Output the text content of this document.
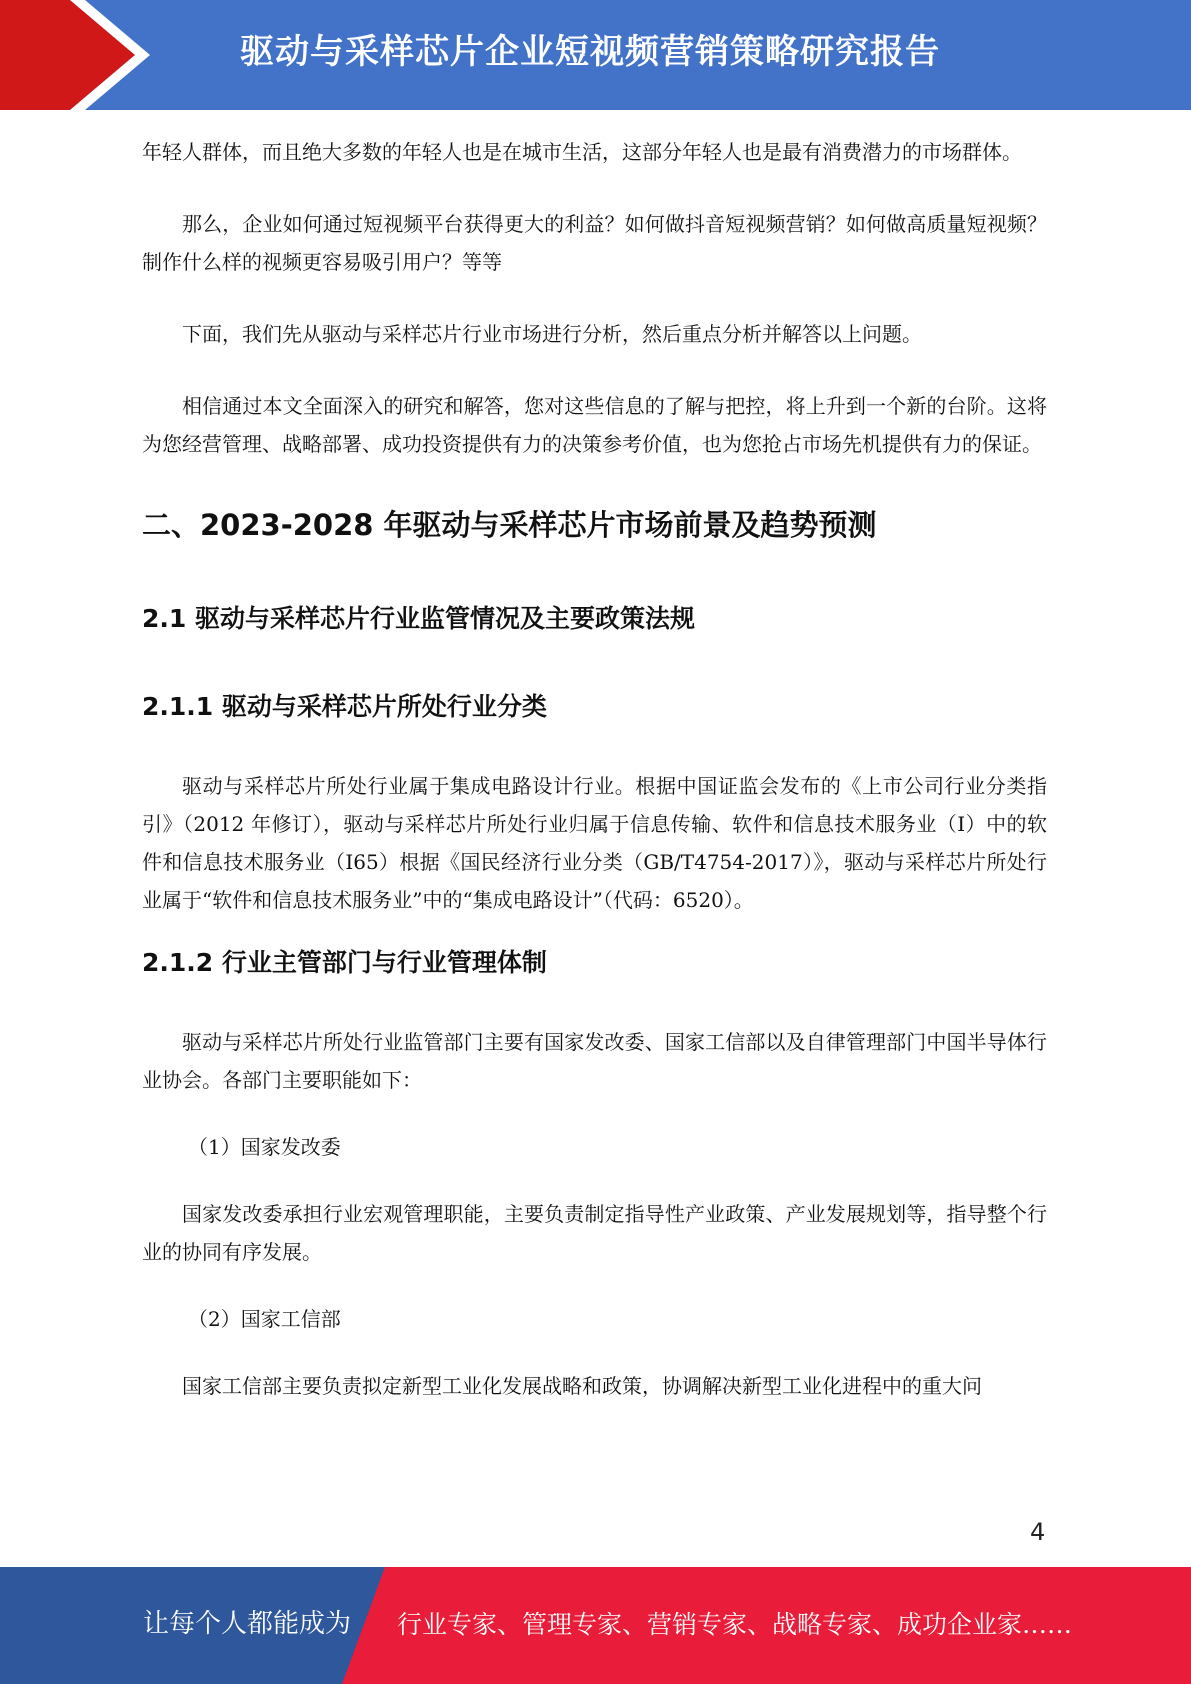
驱动与采样芯片企业短视频营销策略研究报告

年轻人群体，而且绝大多数的年轻人也是在城市生活，这部分年轻人也是最有消费潜力的市场群体。

那么，企业如何通过短视频平台获得更大的利益？如何做抖音短视频营销？如何做高质量短视频？制作什么样的视频更容易吸引用户？等等

下面，我们先从驱动与采样芯片行业市场进行分析，然后重点分析并解答以上问题。

相信通过本文全面深入的研究和解答，您对这些信息的了解与把控，将上升到一个新的台阶。这将为您经营管理、战略部署、成功投资提供有力的决策参考价值，也为您抢占市场先机提供有力的保证。

二、2023-2028 年驱动与采样芯片市场前景及趋势预测
2.1 驱动与采样芯片行业监管情况及主要政策法规
2.1.1 驱动与采样芯片所处行业分类

驱动与采样芯片所处行业属于集成电路设计行业。根据中国证监会发布的《上市公司行业分类指引》（2012 年修订），驱动与采样芯片所处行业归属于信息传输、软件和信息技术服务业（I）中的软件和信息技术服务业（I65）根据《国民经济行业分类（GB/T4754-2017）》，驱动与采样芯片所处行业属于“软件和信息技术服务业”中的“集成电路设计”（代码：6520）。

2.1.2 行业主管部门与行业管理体制

驱动与采样芯片所处行业监管部门主要有国家发改委、国家工信部以及自律管理部门中国半导体行业协会。各部门主要职能如下：

（1）国家发改委

国家发改委承担行业宏观管理职能，主要负责制定指导性产业政策、产业发展规划等，指导整个行业的协同有序发展。

（2）国家工信部

国家工信部主要负责拟定新型工业化发展战略和政策，协调解决新型工业化进程中的重大问

4
让每个人都能成为 行业专家、管理专家、营销专家、战略专家、成功企业家……
